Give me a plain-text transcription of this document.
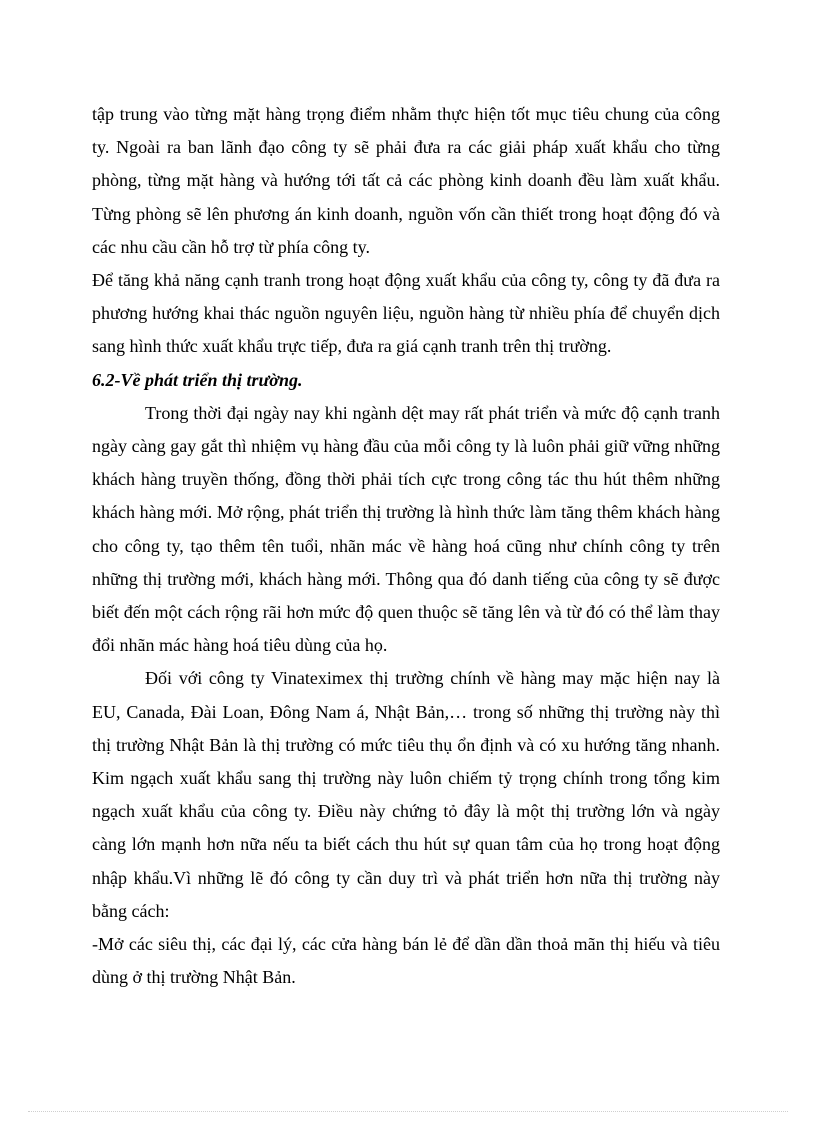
tập trung vào từng mặt hàng trọng điểm nhằm thực hiện tốt mục tiêu chung của công ty. Ngoài ra ban lãnh đạo công ty sẽ phải đưa ra các giải pháp xuất khẩu cho từng phòng, từng mặt hàng và hướng tới tất cả các phòng kinh doanh đều làm xuất khẩu. Từng phòng sẽ lên phương án kinh doanh, nguồn vốn cần thiết trong hoạt động đó và các nhu cầu cần hỗ trợ từ phía công ty.

Để tăng khả năng cạnh tranh trong hoạt động xuất khẩu của công ty, công ty đã đưa ra phương hướng khai thác nguồn nguyên liệu, nguồn hàng từ nhiều phía để chuyển dịch sang hình thức xuất khẩu trực tiếp, đưa ra giá cạnh tranh trên thị trường.

6.2-Về phát triển thị trường.

Trong thời đại ngày nay khi ngành dệt may rất phát triển và mức độ cạnh tranh ngày càng gay gắt thì nhiệm vụ hàng đầu của mỗi công ty là luôn phải giữ vững những khách hàng truyền thống, đồng thời phải tích cực trong công tác thu hút thêm những khách hàng mới. Mở rộng, phát triển thị trường là hình thức làm tăng thêm khách hàng cho công ty, tạo thêm tên tuổi, nhãn mác về hàng hoá cũng như chính công ty trên những thị trường mới, khách hàng mới. Thông qua đó danh tiếng của công ty sẽ được biết đến một cách rộng rãi hơn mức độ quen thuộc sẽ tăng lên và từ đó có thể làm thay đổi nhãn mác hàng hoá tiêu dùng của họ.

Đối với công ty Vinateximex thị trường chính về hàng may mặc hiện nay là EU, Canada, Đài Loan, Đông Nam á, Nhật Bản,… trong số những thị trường này thì thị trường Nhật Bản là thị trường có mức tiêu thụ ổn định và có xu hướng tăng nhanh. Kim ngạch xuất khẩu sang thị trường này luôn chiếm tỷ trọng chính trong tổng kim ngạch xuất khẩu của công ty. Điều này chứng tỏ đây là một thị trường lớn và ngày càng lớn mạnh hơn nữa nếu ta biết cách thu hút sự quan tâm của họ trong hoạt động nhập khẩu.Vì những lẽ đó công ty cần duy trì và phát triển hơn nữa thị trường này bằng cách:

-Mở các siêu thị, các đại lý, các cửa hàng bán lẻ để dần dần thoả mãn thị hiếu và tiêu dùng ở thị trường Nhật Bản.
